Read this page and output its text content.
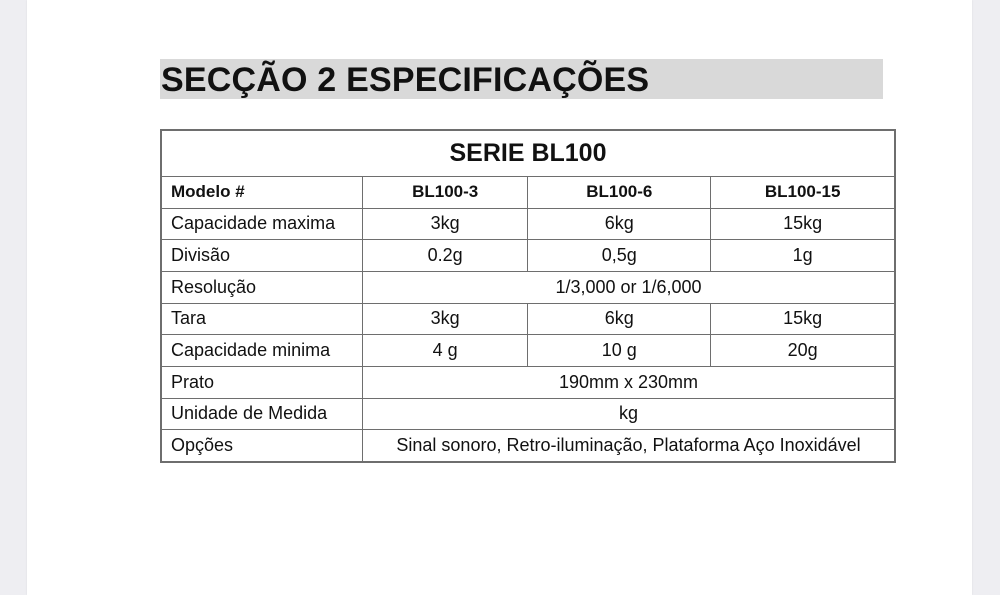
SECÇÃO 2 ESPECIFICAÇÕES
SERIE BL100			
Modelo #	BL100-3	BL100-6	BL100-15
Capacidade maxima	3kg	6kg	15kg
Divisão	0.2g	0,5g	1g
Resolução	1/3,000 or 1/6,000		
Tara	3kg	6kg	15kg
Capacidade minima	4 g	10 g	20g
Prato	190mm x 230mm		
Unidade de Medida	kg		
Opções	Sinal sonoro, Retro-iluminação, Plataforma Aço Inoxidável		
